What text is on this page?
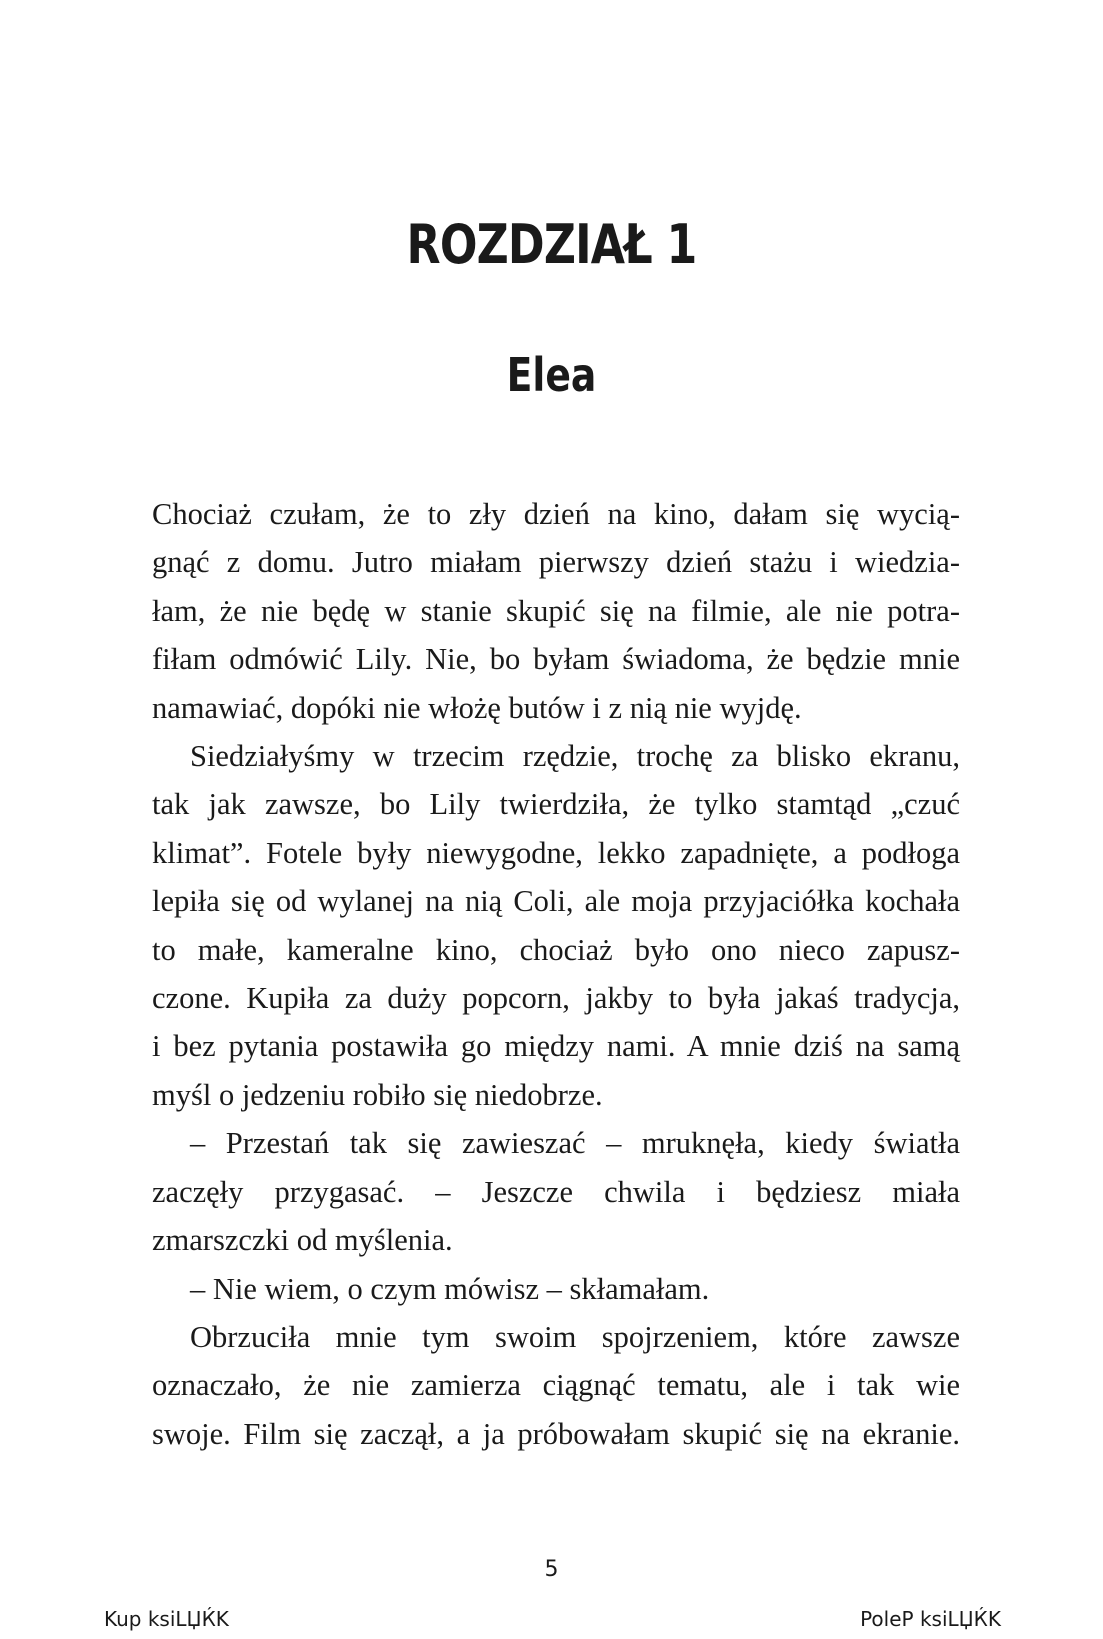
ROZDZIAŁ 1
Elea
Chociaż czułam, że to zły dzień na kino, dałam się wycią-
gnąć z domu. Jutro miałam pierwszy dzień stażu i wiedzia-
łam, że nie będę w stanie skupić się na filmie, ale nie potra-
fiłam odmówić Lily. Nie, bo byłam świadoma, że będzie mnie
namawiać, dopóki nie włożę butów i z nią nie wyjdę.
Siedziałyśmy w trzecim rzędzie, trochę za blisko ekranu,
tak jak zawsze, bo Lily twierdziła, że tylko stamtąd „czuć
klimat”. Fotele były niewygodne, lekko zapadnięte, a podłoga
lepiła się od wylanej na nią Coli, ale moja przyjaciółka kochała
to małe, kameralne kino, chociaż było ono nieco zapusz-
czone. Kupiła za duży popcorn, jakby to była jakaś tradycja,
i bez pytania postawiła go między nami. A mnie dziś na samą
myśl o jedzeniu robiło się niedobrze.
– Przestań tak się zawieszać – mruknęła, kiedy światła
zaczęły przygasać. – Jeszcze chwila i będziesz miała
zmarszczki od myślenia.
– Nie wiem, o czym mówisz – skłamałam.
Obrzuciła mnie tym swoim spojrzeniem, które zawsze
oznaczało, że nie zamierza ciągnąć tematu, ale i tak wie
swoje. Film się zaczął, a ja próbowałam skupić się na ekranie.
5
Kup ksiLЏЌK	PoleP ksiLЏЌK
